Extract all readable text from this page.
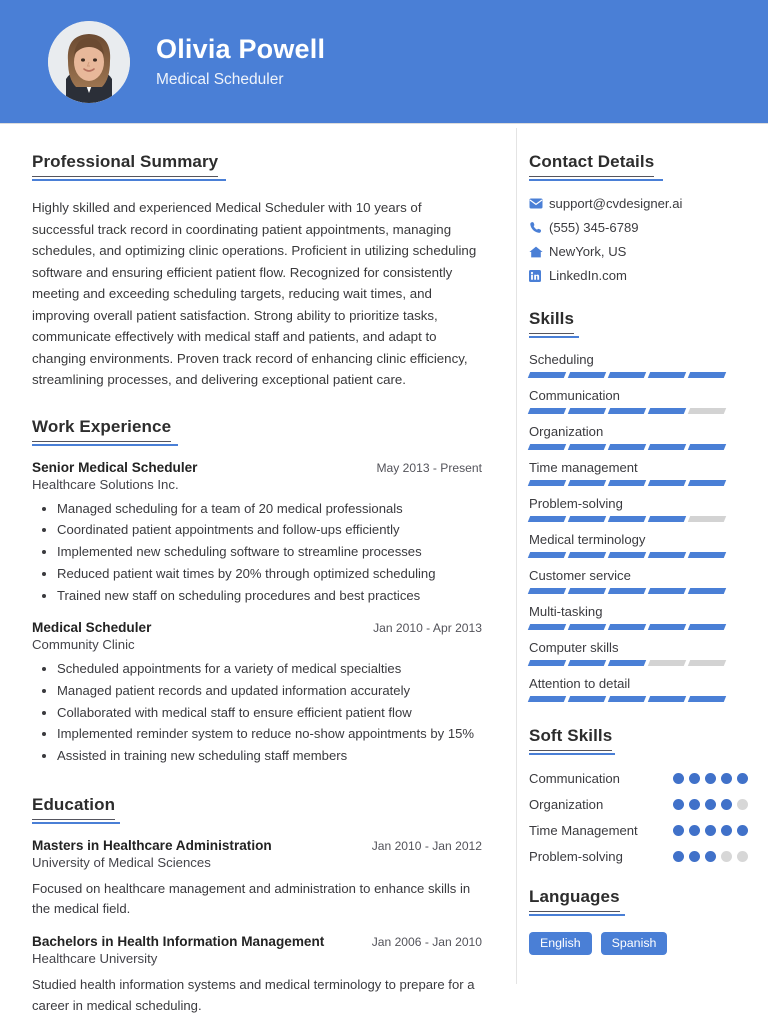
Olivia Powell
Medical Scheduler
Professional Summary
Highly skilled and experienced Medical Scheduler with 10 years of successful track record in coordinating patient appointments, managing schedules, and optimizing clinic operations. Proficient in utilizing scheduling software and ensuring efficient patient flow. Recognized for consistently meeting and exceeding scheduling targets, reducing wait times, and improving overall patient satisfaction. Strong ability to prioritize tasks, communicate effectively with medical staff and patients, and adapt to changing environments. Proven track record of enhancing clinic efficiency, streamlining processes, and delivering exceptional patient care.
Work Experience
Senior Medical Scheduler	May 2013 - Present
Healthcare Solutions Inc.
• Managed scheduling for a team of 20 medical professionals
• Coordinated patient appointments and follow-ups efficiently
• Implemented new scheduling software to streamline processes
• Reduced patient wait times by 20% through optimized scheduling
• Trained new staff on scheduling procedures and best practices
Medical Scheduler	Jan 2010 - Apr 2013
Community Clinic
• Scheduled appointments for a variety of medical specialties
• Managed patient records and updated information accurately
• Collaborated with medical staff to ensure efficient patient flow
• Implemented reminder system to reduce no-show appointments by 15%
• Assisted in training new scheduling staff members
Education
Masters in Healthcare Administration	Jan 2010 - Jan 2012
University of Medical Sciences
Focused on healthcare management and administration to enhance skills in the medical field.
Bachelors in Health Information Management	Jan 2006 - Jan 2010
Healthcare University
Studied health information systems and medical terminology to prepare for a career in medical scheduling.
Contact Details
support@cvdesigner.ai
(555) 345-6789
NewYork, US
LinkedIn.com
Skills
Scheduling
Communication
Organization
Time management
Problem-solving
Medical terminology
Customer service
Multi-tasking
Computer skills
Attention to detail
Soft Skills
Communication
Organization
Time Management
Problem-solving
Languages
English	Spanish
